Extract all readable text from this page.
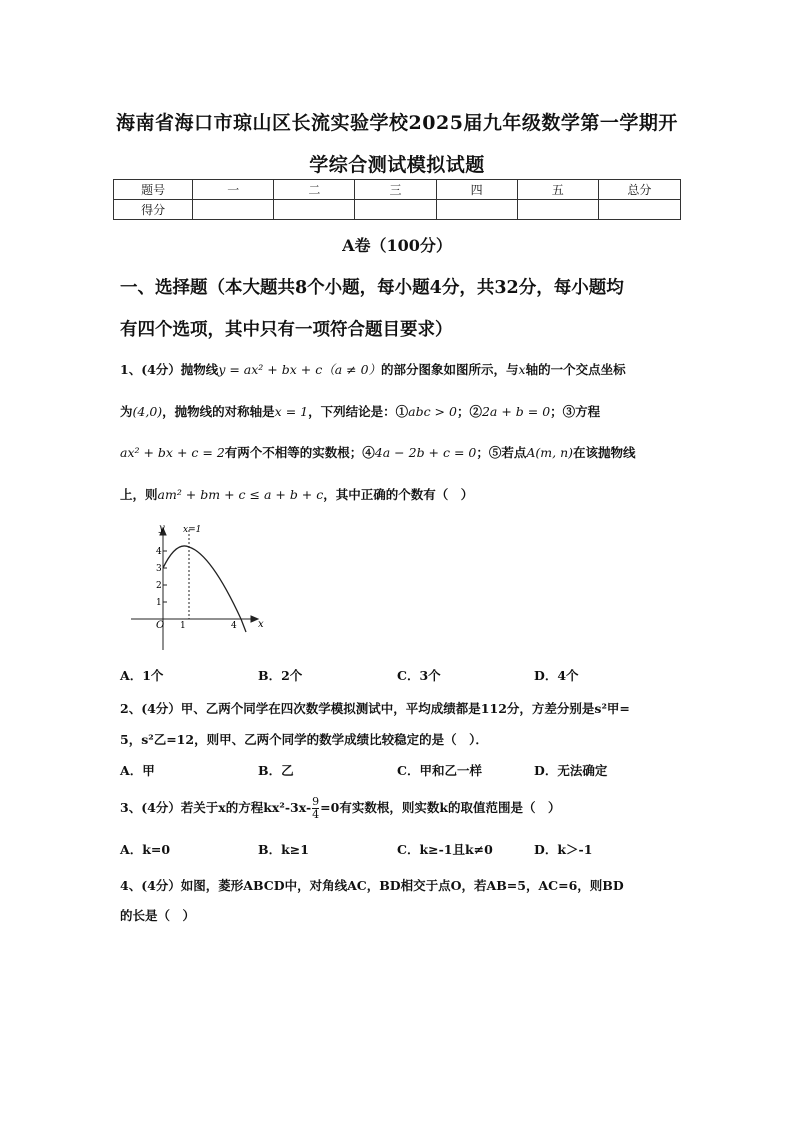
海南省海口市琼山区长流实验学校2025届九年级数学第一学期开
学综合测试模拟试题
题号	一	二	三	四	五	总分
得分						
A卷（100分）
一、选择题（本大题共8个小题，每小题4分，共32分，每小题均
有四个选项，其中只有一项符合题目要求）
1、(4分）抛物线y = ax² + bx + c（a ≠ 0）的部分图象如图所示，与x轴的一个交点坐标
为(4,0)，抛物线的对称轴是x = 1，下列结论是：①abc > 0；②2a + b = 0；③方程
ax² + bx + c = 2有两个不相等的实数根；④4a − 2b + c = 0；⑤若点A(m, n)在该抛物线
上，则am² + bm + c ≤ a + b + c，其中正确的个数有（　）
y
x
x=1
O
4
3
2
1
1	4
A．1个	B．2个	C．3个	D．4个
2、(4分）甲、乙两个同学在四次数学模拟测试中，平均成绩都是112分，方差分别是s²甲=
5，s²乙=12，则甲、乙两个同学的数学成绩比较稳定的是（　）．
A．甲	B．乙	C．甲和乙一样	D．无法确定
3、(4分）若关于x的方程$kx^2-3x- \frac{9}{4} =0$有实数根，则实数k的取值范围是（　）
A．k=0	B．k≥1	C．k≥-1且k≠0	D．k＞-1
4、(4分）如图，菱形ABCD中，对角线AC，BD相交于点O，若AB=5，AC=6，则BD
的长是（　）
